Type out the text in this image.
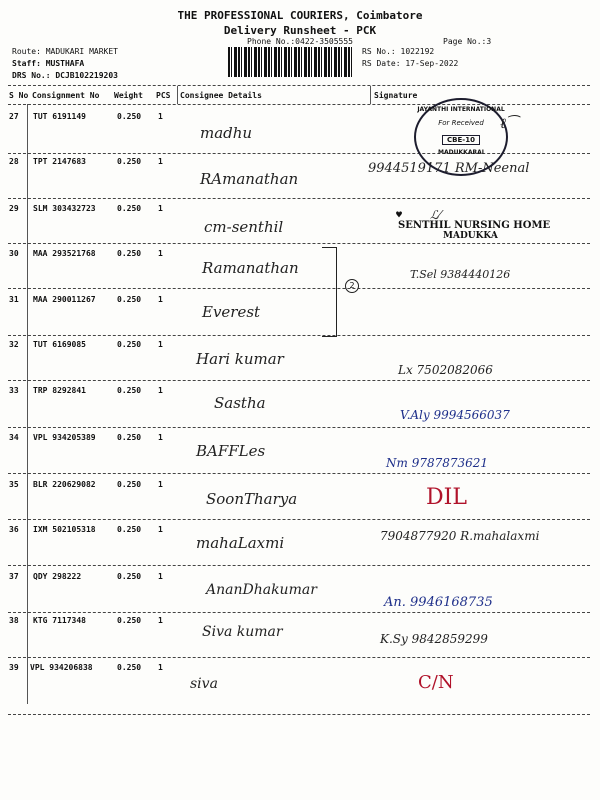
THE PROFESSIONAL COURIERS, Coimbatore
Delivery Runsheet - PCK
Phone No.:0422-3505555	Page No.:3
Route: MADUKARI MARKET
Staff: MUSTHAFA
DRS No.: DCJB102219203
RS No.: 1022192
RS Date: 17-Sep-2022
S No Consignment No Weight PCS Consignee Details	Signature
27 TUT 6191149	0.250 1
madhu
28 TPT 2147683	0.250 1
RAmanathan
9944519171 RM-Neenal
29 SLM 303432723	0.250 1
cm-senthil
30 MAA 293521768	0.250 1
Ramanathan	T.Sel 9384440126
31 MAA 290011267	0.250 1
Everest
2
32 TUT 6169085	0.250 1
Hari kumar
Lx 7502082066
33 TRP 8292841	0.250 1
Sastha
V.Aly 9994566037
34 VPL 934205389	0.250 1
BAFFLes
Nm 9787873621
35 BLR 220629082	0.250 1
SoonTharya	DIL
36 IXM 502105318	0.250 1
mahaLaxmi	7904877920 R.mahalaxmi
37 QDY 298222	0.250 1
AnanDhakumar
An. 9946168735
38 KTG 7117348	0.250 1
Siva kumar	K.Sy 9842859299
39 VPL 934206838	0.250 1
siva	C/N
JAYANTHI INTERNATIONAL
For Received
CBE-10
MADUKKARAI
ℓ⁀
SENTHIL NURSING HOME
MADUKKA
♥ ℒ⁄
